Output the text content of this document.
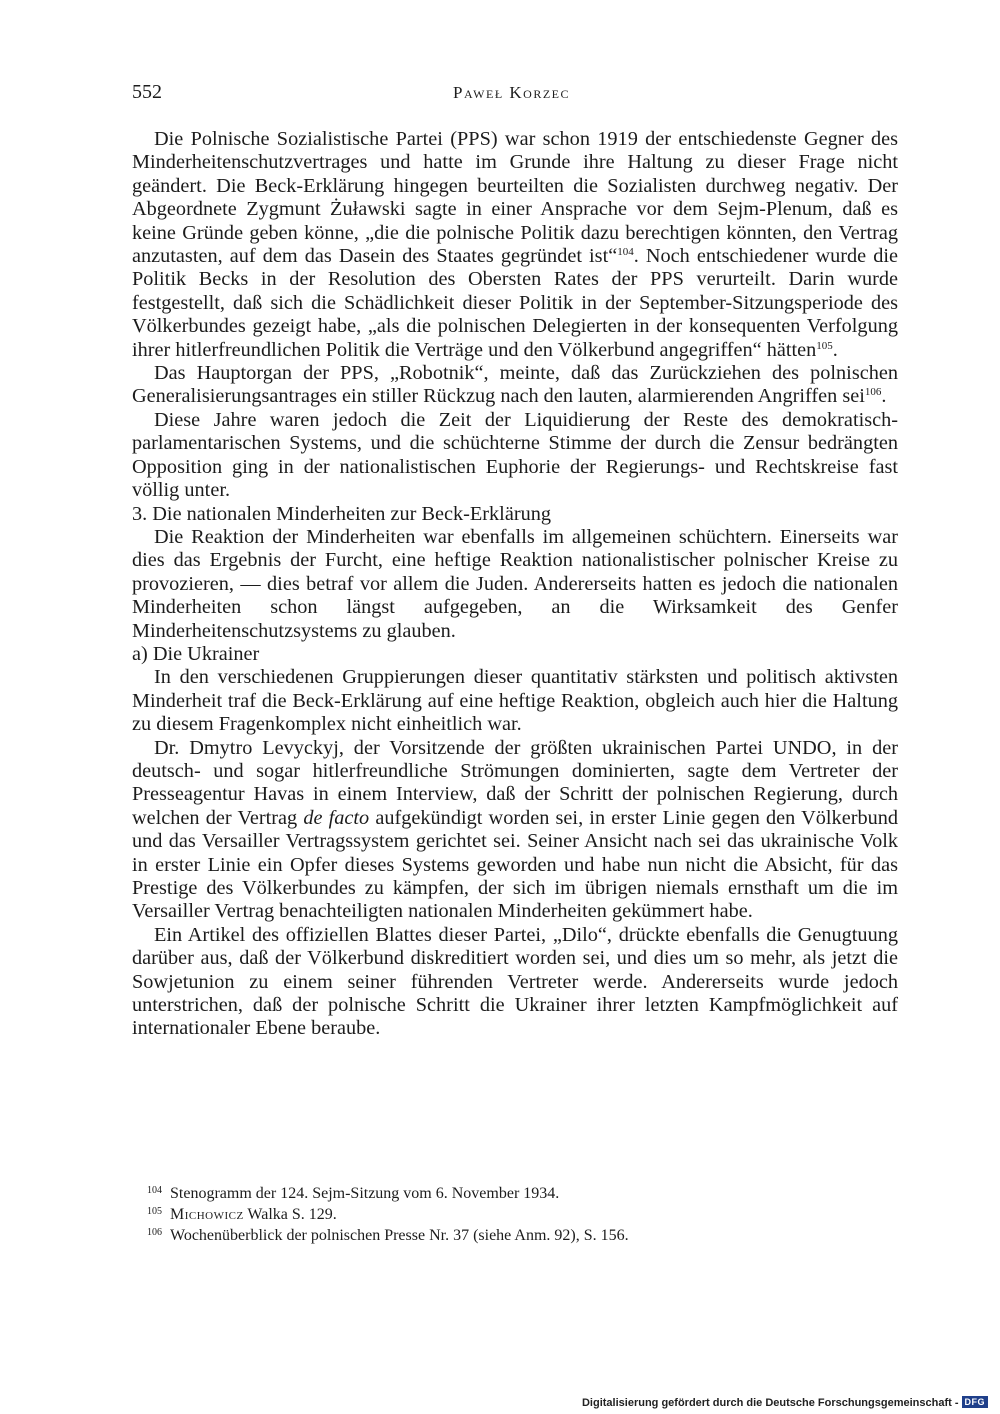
552	Paweł Korzec

Die Polnische Sozialistische Partei (PPS) war schon 1919 der entschiedenste Gegner des Minderheitenschutzvertrages und hatte im Grunde ihre Haltung zu dieser Frage nicht geändert. Die Beck-Erklärung hingegen beurteilten die Sozialisten durchweg negativ. Der Abgeordnete Zygmunt Żuławski sagte in einer Ansprache vor dem Sejm-Plenum, daß es keine Gründe geben könne, „die die polnische Politik dazu berechtigen könnten, den Vertrag anzutasten, auf dem das Dasein des Staates gegründet ist“$^{104}$. Noch entschiedener wurde die Politik Becks in der Resolution des Obersten Rates der PPS verurteilt. Darin wurde festgestellt, daß sich die Schädlichkeit dieser Politik in der September-Sitzungsperiode des Völkerbundes gezeigt habe, „als die polnischen Delegierten in der konsequenten Verfolgung ihrer hitlerfreundlichen Politik die Verträge und den Völkerbund angegriffen“ hätten$^{105}$.

Das Hauptorgan der PPS, „Robotnik“, meinte, daß das Zurückziehen des polnischen Generalisierungsantrages ein stiller Rückzug nach den lauten, alarmierenden Angriffen sei$^{106}$.

Diese Jahre waren jedoch die Zeit der Liquidierung der Reste des demokratisch-parlamentarischen Systems, und die schüchterne Stimme der durch die Zensur bedrängten Opposition ging in der nationalistischen Euphorie der Regierungs- und Rechtskreise fast völlig unter.

3. Die nationalen Minderheiten zur Beck-Erklärung

Die Reaktion der Minderheiten war ebenfalls im allgemeinen schüchtern. Einerseits war dies das Ergebnis der Furcht, eine heftige Reaktion nationalistischer polnischer Kreise zu provozieren, — dies betraf vor allem die Juden. Andererseits hatten es jedoch die nationalen Minderheiten schon längst aufgegeben, an die Wirksamkeit des Genfer Minderheitenschutzsystems zu glauben.

a) Die Ukrainer

In den verschiedenen Gruppierungen dieser quantitativ stärksten und politisch aktivsten Minderheit traf die Beck-Erklärung auf eine heftige Reaktion, obgleich auch hier die Haltung zu diesem Fragenkomplex nicht einheitlich war.

Dr. Dmytro Levyckyj, der Vorsitzende der größten ukrainischen Partei UNDO, in der deutsch- und sogar hitlerfreundliche Strömungen dominierten, sagte dem Vertreter der Presseagentur Havas in einem Interview, daß der Schritt der polnischen Regierung, durch welchen der Vertrag de facto aufgekündigt worden sei, in erster Linie gegen den Völkerbund und das Versailler Vertragssystem gerichtet sei. Seiner Ansicht nach sei das ukrainische Volk in erster Linie ein Opfer dieses Systems geworden und habe nun nicht die Absicht, für das Prestige des Völkerbundes zu kämpfen, der sich im übrigen niemals ernsthaft um die im Versailler Vertrag benachteiligten nationalen Minderheiten gekümmert habe.

Ein Artikel des offiziellen Blattes dieser Partei, „Dilo“, drückte ebenfalls die Genugtuung darüber aus, daß der Völkerbund diskreditiert worden sei, und dies um so mehr, als jetzt die Sowjetunion zu einem seiner führenden Vertreter werde. Andererseits wurde jedoch unterstrichen, daß der polnische Schritt die Ukrainer ihrer letzten Kampfmöglichkeit auf internationaler Ebene beraube.

$^{104}$ Stenogramm der 124. Sejm-Sitzung vom 6. November 1934.

$^{105}$ Michowicz Walka S. 129.

$^{106}$ Wochenüberblick der polnischen Presse Nr. 37 (siehe Anm. 92), S. 156.

Digitalisierung gefördert durch die Deutsche Forschungsgemeinschaft - DFG
